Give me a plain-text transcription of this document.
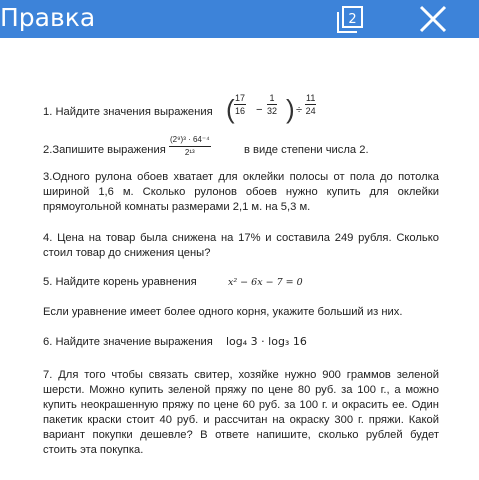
Правка	2
1. Найдите значения выражения ( $\frac{17}{16} - \frac{1}{32}$ ) ÷ $\frac{11}{24}$
2.Запишите выражения $\frac{\text{(2⁹)³ · 64⁻⁴}}{\text{2¹³}}$	в виде степени числа 2.
3.Одного рулона обоев хватает для оклейки полосы от пола до потолка шириной 1,6 м. Сколько рулонов обоев нужно купить для оклейки прямоугольной комнаты размерами 2,1 м. на 5,3 м.
4. Цена на товар была снижена на 17% и составила 249 рубля. Сколько стоил товар до снижения цены?
5. Найдите корень уравнения	x² − 6x − 7 = 0
Если уравнение имеет более одного корня, укажите больший из них.
6. Найдите значение выражения log₄ 3 · log₃ 16
7. Для того чтобы связать свитер, хозяйке нужно 900 граммов зеленой шерсти. Можно купить зеленой пряжу по цене 80 руб. за 100 г., а можно купить неокрашенную пряжу по цене 60 руб. за 100 г. и окрасить ее. Один пакетик краски стоит 40 руб. и рассчитан на окраску 300 г. пряжи. Какой вариант покупки дешевле? В ответе напишите, сколько рублей будет стоить эта покупка.
